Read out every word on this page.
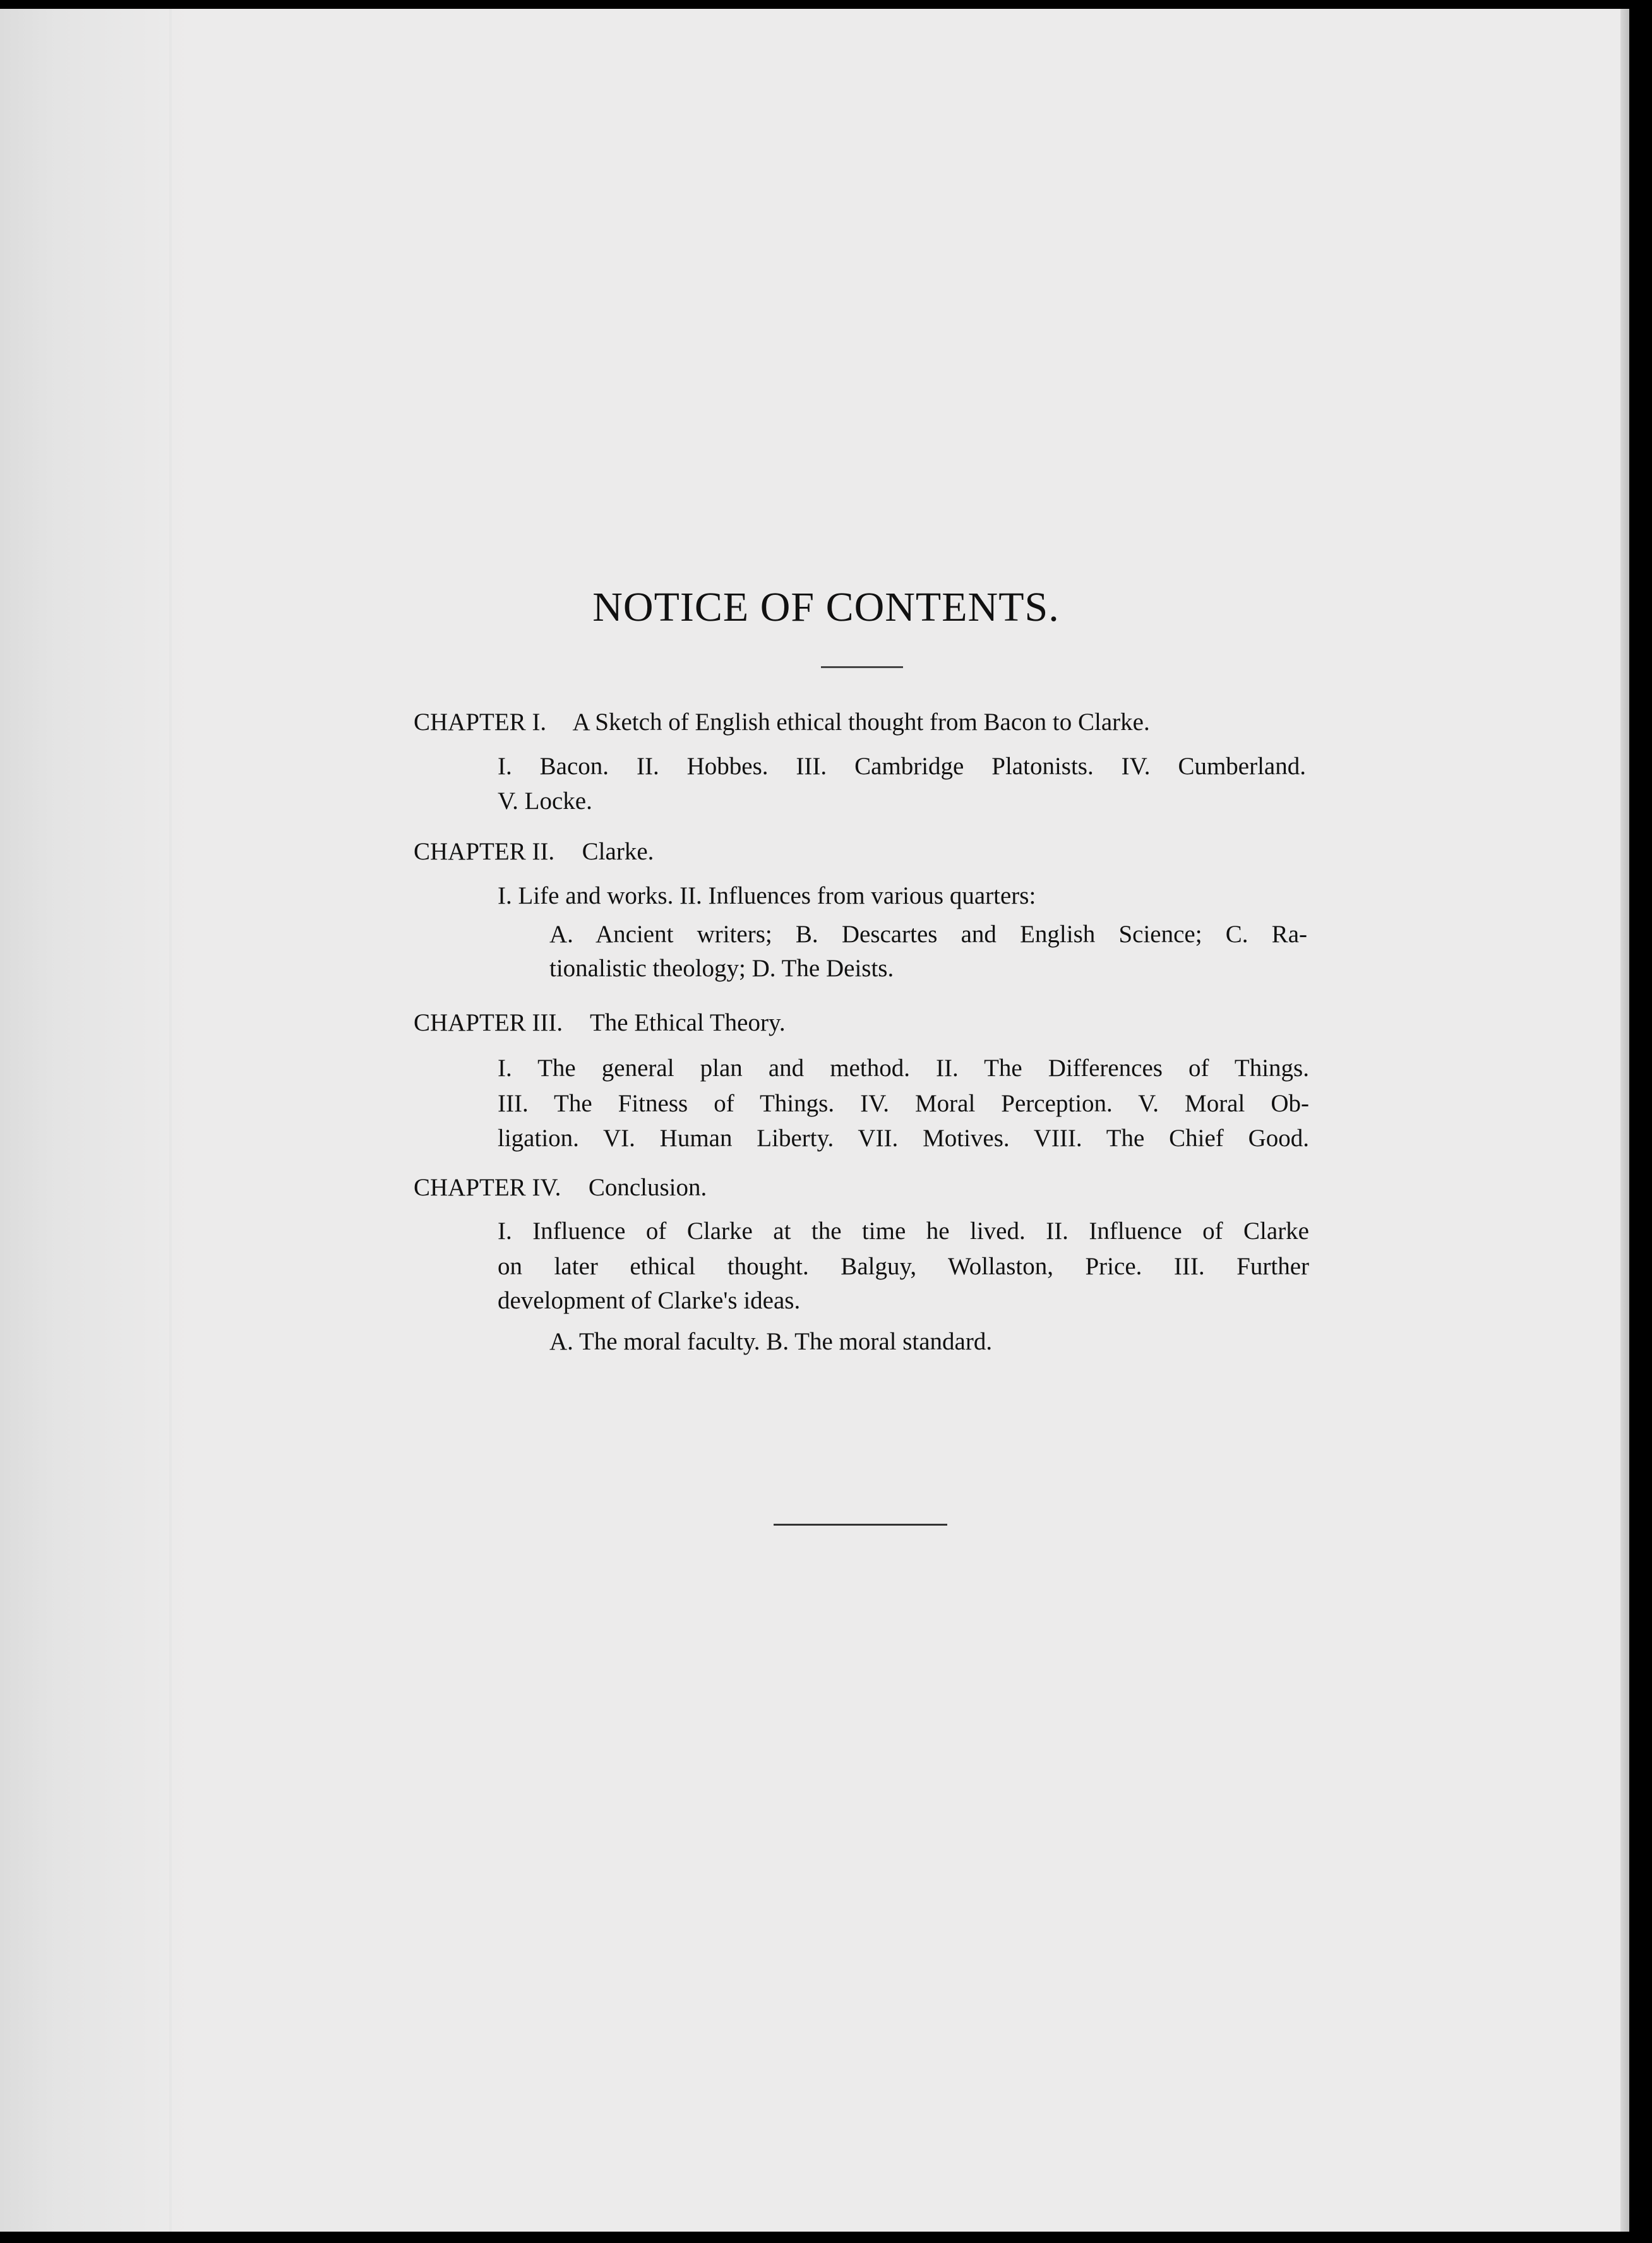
NOTICE OF CONTENTS.
CHAPTER I. A Sketch of English ethical thought from Bacon to Clarke.
I. Bacon. II. Hobbes. III. Cambridge Platonists. IV. Cumberland.
V. Locke.
CHAPTER II. Clarke.
I. Life and works. II. Influences from various quarters:
A. Ancient writers; B. Descartes and English Science; C. Ra-
tionalistic theology; D. The Deists.
CHAPTER III. The Ethical Theory.
I. The general plan and method. II. The Differences of Things.
III. The Fitness of Things. IV. Moral Perception. V. Moral Ob-
ligation. VI. Human Liberty. VII. Motives. VIII. The Chief Good.
CHAPTER IV. Conclusion.
I. Influence of Clarke at the time he lived. II. Influence of Clarke
on later ethical thought. Balguy, Wollaston, Price. III. Further
development of Clarke's ideas.
A. The moral faculty. B. The moral standard.
